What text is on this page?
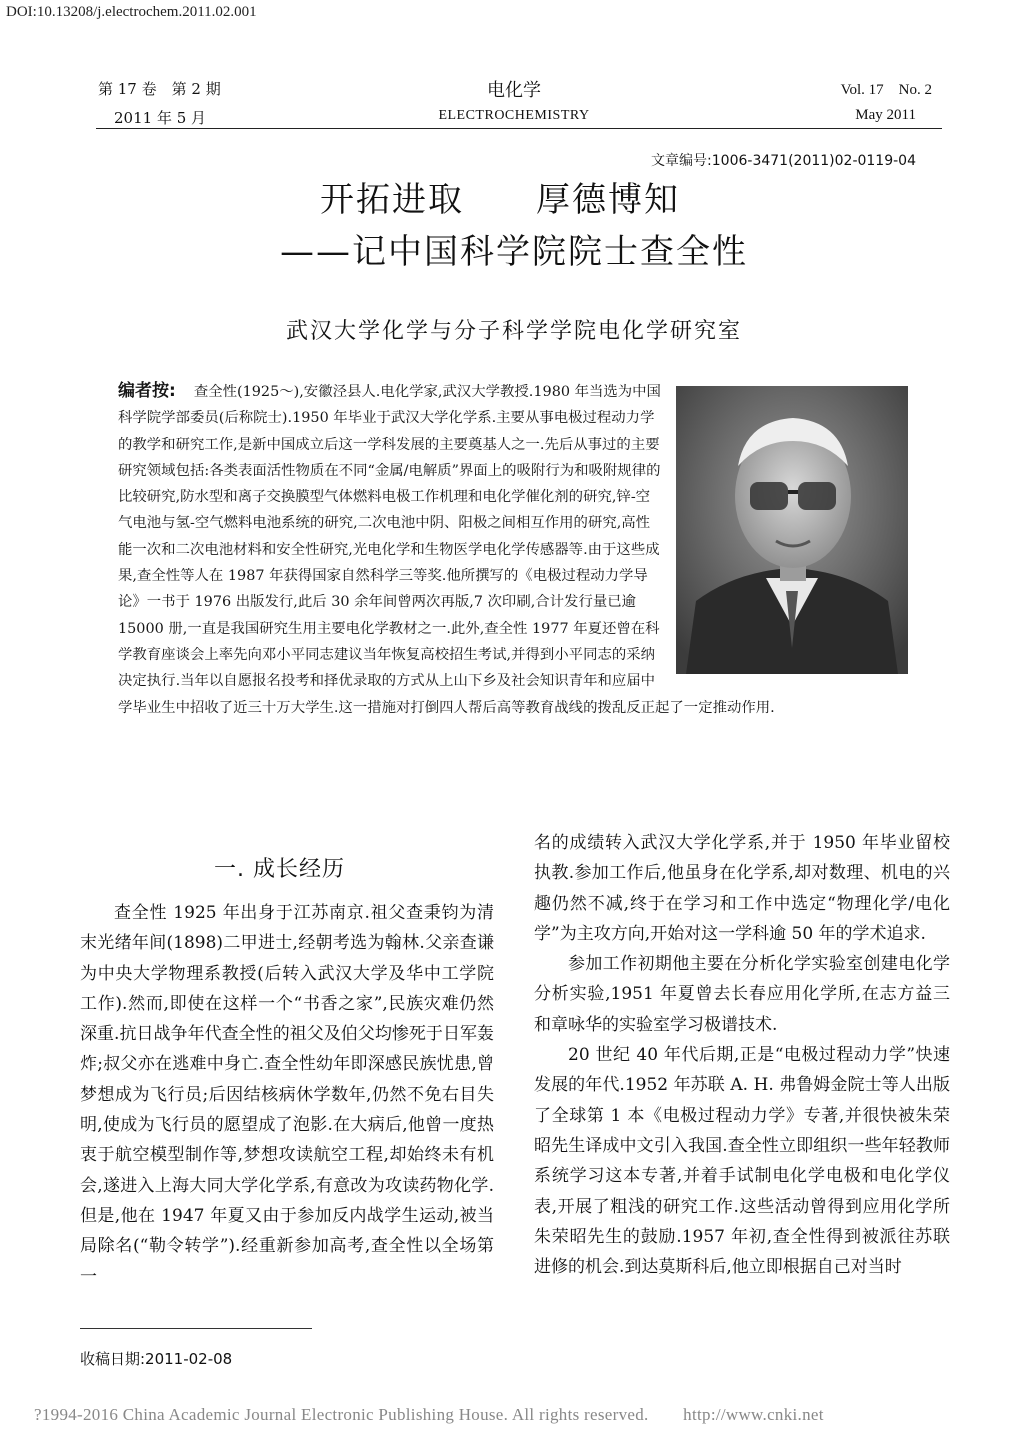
DOI:10.13208/j.electrochem.2011.02.001
第 17 卷　第 2 期
2011 年 5 月
电化学
ELECTROCHEMISTRY
Vol. 17　No. 2
May 2011
文章编号:1006-3471(2011)02-0119-04
开拓进取　　厚德博知
——记中国科学院院士查全性
武汉大学化学与分子科学学院电化学研究室
编者按: 查全性(1925～),安徽泾县人.电化学家,武汉大学教授.1980 年当选为中国科学院学部委员(后称院士).1950 年毕业于武汉大学化学系.主要从事电极过程动力学的教学和研究工作,是新中国成立后这一学科发展的主要奠基人之一.先后从事过的主要研究领域包括:各类表面活性物质在不同“金属/电解质”界面上的吸附行为和吸附规律的比较研究,防水型和离子交换膜型气体燃料电极工作机理和电化学催化剂的研究,锌-空气电池与氢-空气燃料电池系统的研究,二次电池中阴、阳极之间相互作用的研究,高性能一次和二次电池材料和安全性研究,光电化学和生物医学电化学传感器等.由于这些成果,查全性等人在 1987 年获得国家自然科学三等奖.他所撰写的《电极过程动力学导论》一书于 1976 出版发行,此后 30 余年间曾两次再版,7 次印刷,合计发行量已逾 15000 册,一直是我国研究生用主要电化学教材之一.此外,查全性 1977 年夏还曾在科学教育座谈会上率先向邓小平同志建议当年恢复高校招生考试,并得到小平同志的采纳决定执行.当年以自愿报名投考和择优录取的方式从上山下乡及社会知识青年和应届中学毕业生中招收了近三十万大学生.这一措施对打倒四人帮后高等教育战线的拨乱反正起了一定推动作用.
一. 成长经历

查全性 1925 年出身于江苏南京.祖父查秉钧为清末光绪年间(1898)二甲进士,经朝考选为翰林.父亲查谦为中央大学物理系教授(后转入武汉大学及华中工学院工作).然而,即使在这样一个“书香之家”,民族灾难仍然深重.抗日战争年代查全性的祖父及伯父均惨死于日军轰炸;叔父亦在逃难中身亡.查全性幼年即深感民族忧患,曾梦想成为飞行员;后因结核病休学数年,仍然不免右目失明,使成为飞行员的愿望成了泡影.在大病后,他曾一度热衷于航空模型制作等,梦想攻读航空工程,却始终未有机会,遂进入上海大同大学化学系,有意改为攻读药物化学.但是,他在 1947 年夏又由于参加反内战学生运动,被当局除名(“勒令转学”).经重新参加高考,查全性以全场第一

名的成绩转入武汉大学化学系,并于 1950 年毕业留校执教.参加工作后,他虽身在化学系,却对数理、机电的兴趣仍然不减,终于在学习和工作中选定“物理化学/电化学”为主攻方向,开始对这一学科逾 50 年的学术追求.

参加工作初期他主要在分析化学实验室创建电化学分析实验,1951 年夏曾去长春应用化学所,在志方益三和章咏华的实验室学习极谱技术.

20 世纪 40 年代后期,正是“电极过程动力学”快速发展的年代.1952 年苏联 A. H. 弗鲁姆金院士等人出版了全球第 1 本《电极过程动力学》专著,并很快被朱荣昭先生译成中文引入我国.查全性立即组织一些年轻教师系统学习这本专著,并着手试制电化学电极和电化学仪表,开展了粗浅的研究工作.这些活动曾得到应用化学所朱荣昭先生的鼓励.1957 年初,查全性得到被派往苏联进修的机会.到达莫斯科后,他立即根据自己对当时

收稿日期:2011-02-08
?1994-2016 China Academic Journal Electronic Publishing House. All rights reserved.　　http://www.cnki.net
